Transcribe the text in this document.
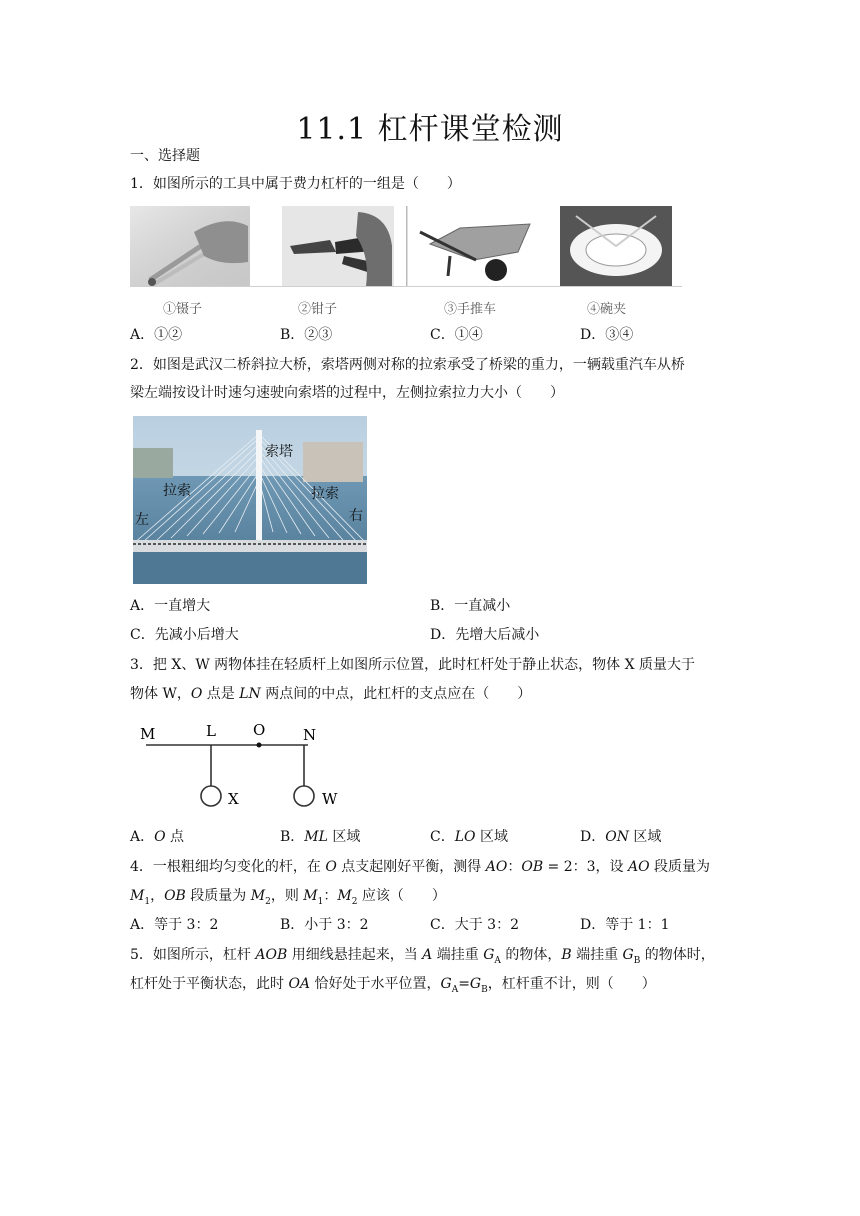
11.1 杠杆课堂检测
一、选择题
1．如图所示的工具中属于费力杠杆的一组是（　　）
①镊子	②钳子	③手推车	④碗夹
A．①②	B．②③	C．①④	D．③④
2．如图是武汉二桥斜拉大桥，索塔两侧对称的拉索承受了桥梁的重力，一辆载重汽车从桥
梁左端按设计时速匀速驶向索塔的过程中，左侧拉索拉力大小（　　）
索塔
拉索	拉索
左	右
A．一直增大	B．一直减小
C．先减小后增大	D．先增大后减小
3．把 X、W 两物体挂在轻质杆上如图所示位置，此时杠杆处于静止状态，物体 X 质量大于
物体 W，O 点是 LN 两点间的中点，此杠杆的支点应在（　　）
M	L O	N
X	W
A．O 点	B．ML 区域	C．LO 区域	D．ON 区域
4．一根粗细均匀变化的杆，在 O 点支起刚好平衡，测得 AO：OB = 2：3，设 AO 段质量为
$M_1$，OB 段质量为 $M_2$，则 $M_1$：$M_2$ 应该（　　）
A．等于 3：2	B．小于 3：2	C．大于 3：2	D．等于 1：1
5．如图所示，杠杆 AOB 用细线悬挂起来，当 A 端挂重 $G_A$ 的物体，B 端挂重 $G_B$ 的物体时，
杠杆处于平衡状态，此时 OA 恰好处于水平位置，$G_A=G_B$，杠杆重不计，则（　　）
